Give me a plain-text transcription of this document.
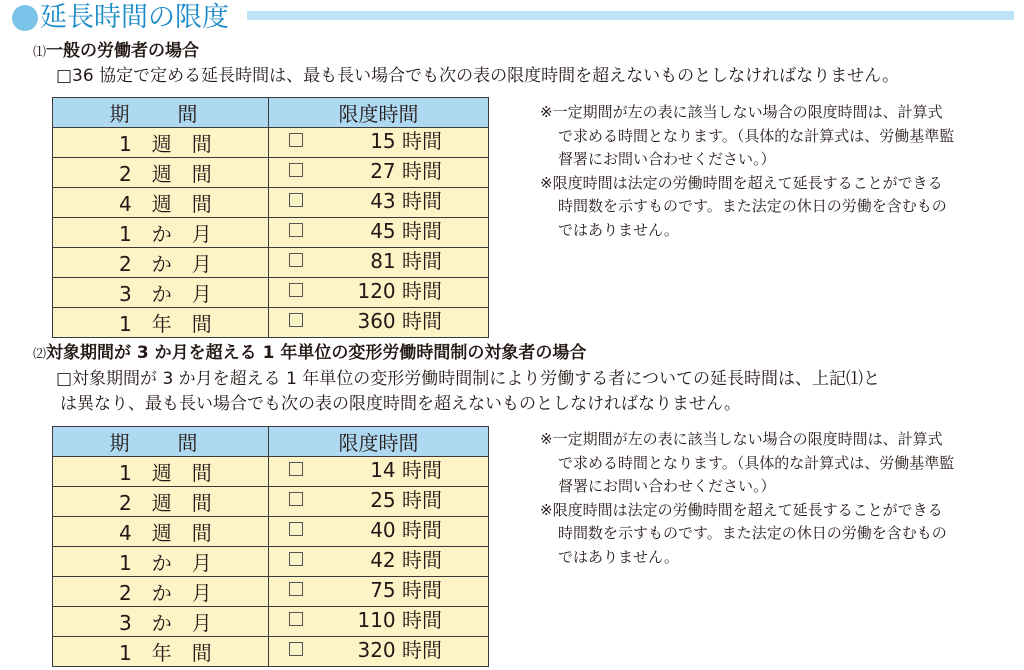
延長時間の限度
⑴一般の労働者の場合
□36 協定で定める延長時間は、最も長い場合でも次の表の限度時間を超えないものとしなければなりません。
期　間	限度時間
1　週　間	15 時間

2　週　間	27 時間

4　週　間	43 時間

1　か　月	45 時間

2　か　月	81 時間

3　か　月	120 時間

1　年　間	360 時間
※一定期間が左の表に該当しない場合の限度時間は、計算式
で求める時間となります。（具体的な計算式は、労働基準監
督署にお問い合わせください。）
※限度時間は法定の労働時間を超えて延長することができる
時間数を示すものです。また法定の休日の労働を含むもの
ではありません。
⑵対象期間が 3 か月を超える 1 年単位の変形労働時間制の対象者の場合
□対象期間が 3 か月を超える 1 年単位の変形労働時間制により労働する者についての延長時間は、上記⑴と
は異なり、最も長い場合でも次の表の限度時間を超えないものとしなければなりません。
期　間	限度時間
1　週　間	14 時間

2　週　間	25 時間

4　週　間	40 時間

1　か　月	42 時間

2　か　月	75 時間

3　か　月	110 時間

1　年　間	320 時間
※一定期間が左の表に該当しない場合の限度時間は、計算式
で求める時間となります。（具体的な計算式は、労働基準監
督署にお問い合わせください。）
※限度時間は法定の労働時間を超えて延長することができる
時間数を示すものです。また法定の休日の労働を含むもの
ではありません。
